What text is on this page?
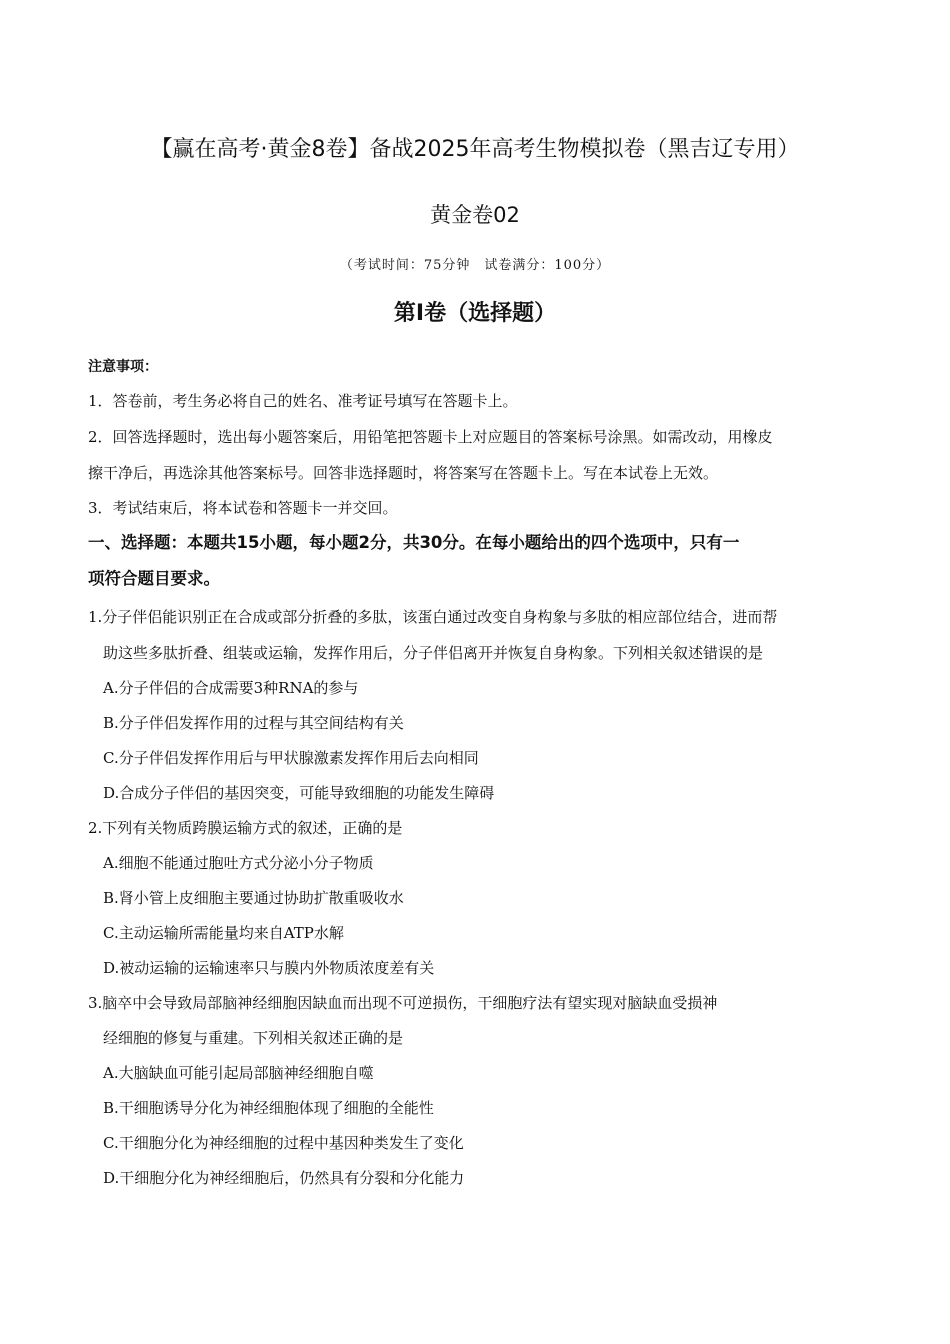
【赢在高考·黄金8卷】备战2025年高考生物模拟卷（黑吉辽专用）
黄金卷02
（考试时间：75分钟　试卷满分：100分）
第I卷（选择题）
注意事项：
1．答卷前，考生务必将自己的姓名、准考证号填写在答题卡上。
2．回答选择题时，选出每小题答案后，用铅笔把答题卡上对应题目的答案标号涂黑。如需改动，用橡皮
擦干净后，再选涂其他答案标号。回答非选择题时，将答案写在答题卡上。写在本试卷上无效。
3．考试结束后，将本试卷和答题卡一并交回。
一、选择题：本题共15小题，每小题2分，共30分。在每小题给出的四个选项中，只有一
项符合题目要求。
1.分子伴侣能识别正在合成或部分折叠的多肽，该蛋白通过改变自身构象与多肽的相应部位结合，进而帮
助这些多肽折叠、组装或运输，发挥作用后，分子伴侣离开并恢复自身构象。下列相关叙述错误的是
A.分子伴侣的合成需要3种RNA的参与
B.分子伴侣发挥作用的过程与其空间结构有关
C.分子伴侣发挥作用后与甲状腺激素发挥作用后去向相同
D.合成分子伴侣的基因突变，可能导致细胞的功能发生障碍
2.下列有关物质跨膜运输方式的叙述，正确的是
A.细胞不能通过胞吐方式分泌小分子物质
B.肾小管上皮细胞主要通过协助扩散重吸收水
C.主动运输所需能量均来自ATP水解
D.被动运输的运输速率只与膜内外物质浓度差有关
3.脑卒中会导致局部脑神经细胞因缺血而出现不可逆损伤，干细胞疗法有望实现对脑缺血受损神
经细胞的修复与重建。下列相关叙述正确的是
A.大脑缺血可能引起局部脑神经细胞自噬
B.干细胞诱导分化为神经细胞体现了细胞的全能性
C.干细胞分化为神经细胞的过程中基因种类发生了变化
D.干细胞分化为神经细胞后，仍然具有分裂和分化能力
